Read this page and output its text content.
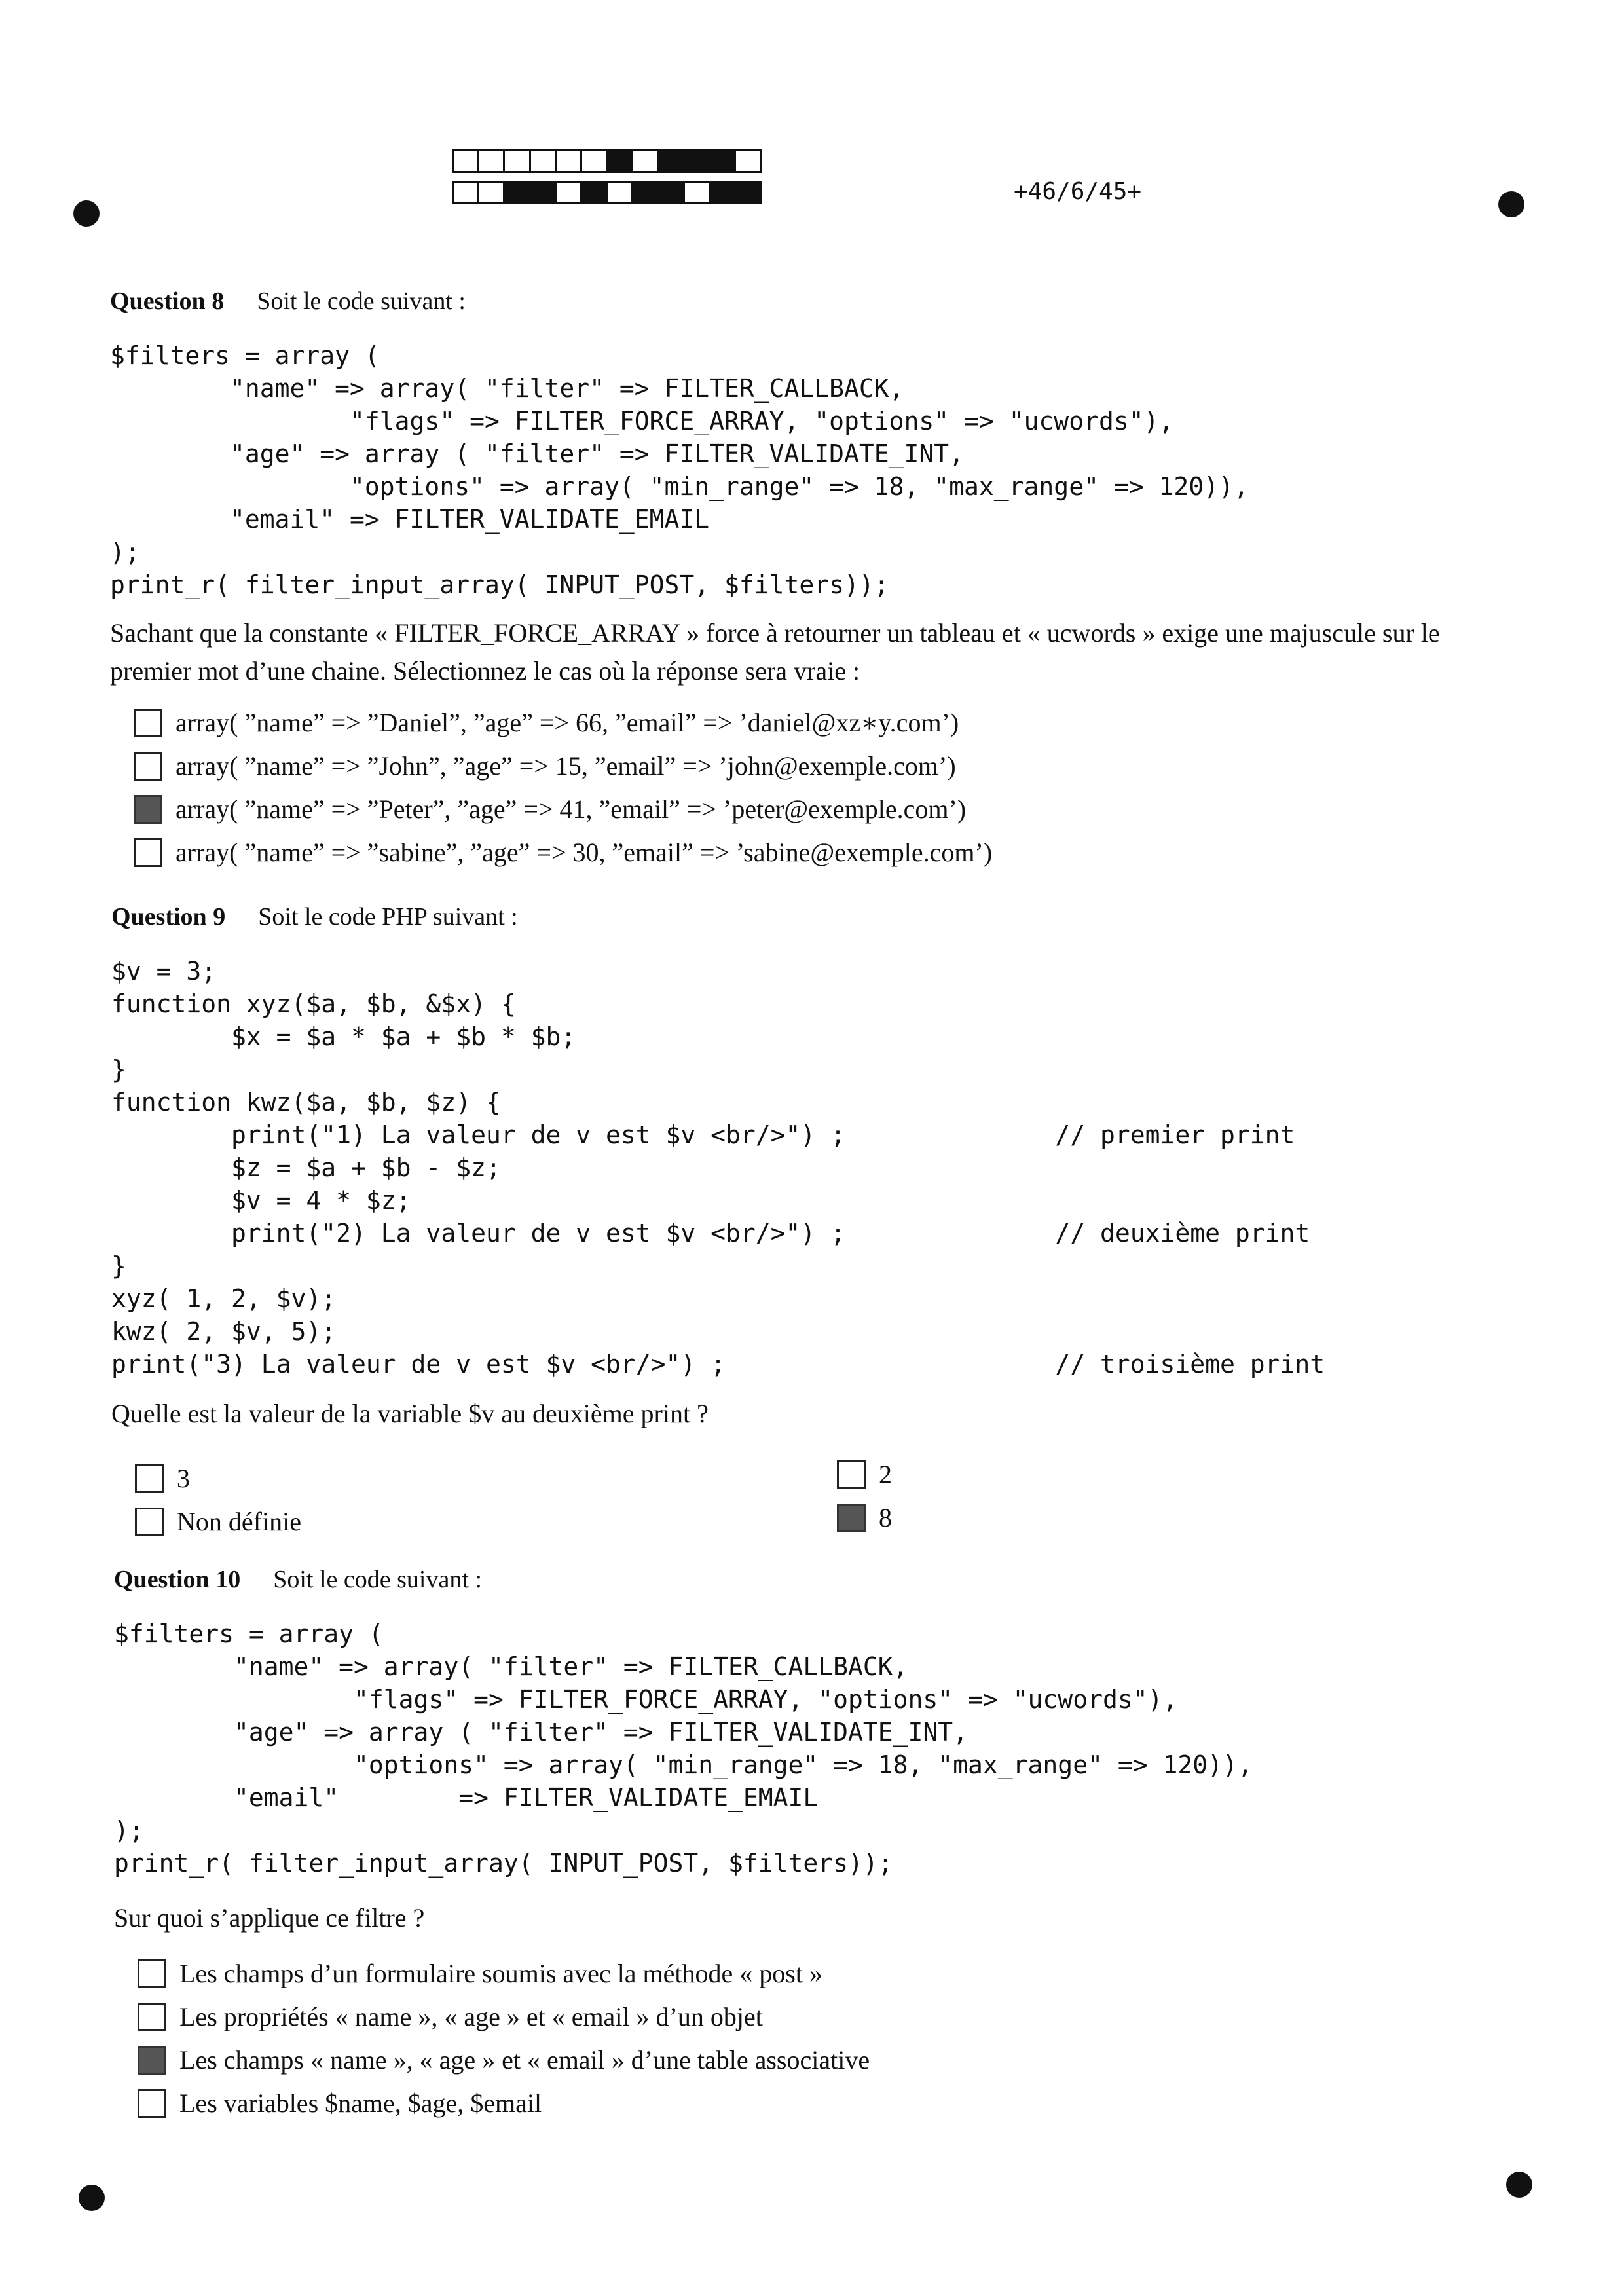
+46/6/45+
Question 8 Soit le code suivant :
$filters = array (
"name" => array( "filter" => FILTER_CALLBACK,
"flags" => FILTER_FORCE_ARRAY, "options" => "ucwords"),
"age" => array ( "filter" => FILTER_VALIDATE_INT,
"options" => array( "min_range" => 18, "max_range" => 120)),
"email" => FILTER_VALIDATE_EMAIL
);
print_r( filter_input_array( INPUT_POST, $filters));
Sachant que la constante « FILTER_FORCE_ARRAY » force à retourner un tableau et « ucwords » exige une majuscule sur le premier mot d’une chaine. Sélectionnez le cas où la réponse sera vraie :
array( ”name” => ”Daniel”, ”age” => 66, ”email” => ’daniel@xz∗y.com’)
array( ”name” => ”John”, ”age” => 15, ”email” => ’john@exemple.com’)
array( ”name” => ”Peter”, ”age” => 41, ”email” => ’peter@exemple.com’)
array( ”name” => ”sabine”, ”age” => 30, ”email” => ’sabine@exemple.com’)
Question 9 Soit le code PHP suivant :
$v = 3;
function xyz($a, $b, &$x) {
$x = $a * $a + $b * $b;
}
function kwz($a, $b, $z) {
print("1) La valeur de v est $v <br/>") ;              // premier print
$z = $a + $b - $z;
$v = 4 * $z;
print("2) La valeur de v est $v <br/>") ;              // deuxième print
}
xyz( 1, 2, $v);
kwz( 2, $v, 5);
print("3) La valeur de v est $v <br/>") ;                      // troisième print
Quelle est la valeur de la variable $v au deuxième print ?
3	2
Non définie	8
Question 10 Soit le code suivant :
$filters = array (
"name" => array( "filter" => FILTER_CALLBACK,
"flags" => FILTER_FORCE_ARRAY, "options" => "ucwords"),
"age" => array ( "filter" => FILTER_VALIDATE_INT,
"options" => array( "min_range" => 18, "max_range" => 120)),
"email"        => FILTER_VALIDATE_EMAIL
);
print_r( filter_input_array( INPUT_POST, $filters));
Sur quoi s’applique ce filtre ?
Les champs d’un formulaire soumis avec la méthode « post »
Les propriétés « name », « age » et « email » d’un objet
Les champs « name », « age » et « email » d’une table associative
Les variables $name, $age, $email
